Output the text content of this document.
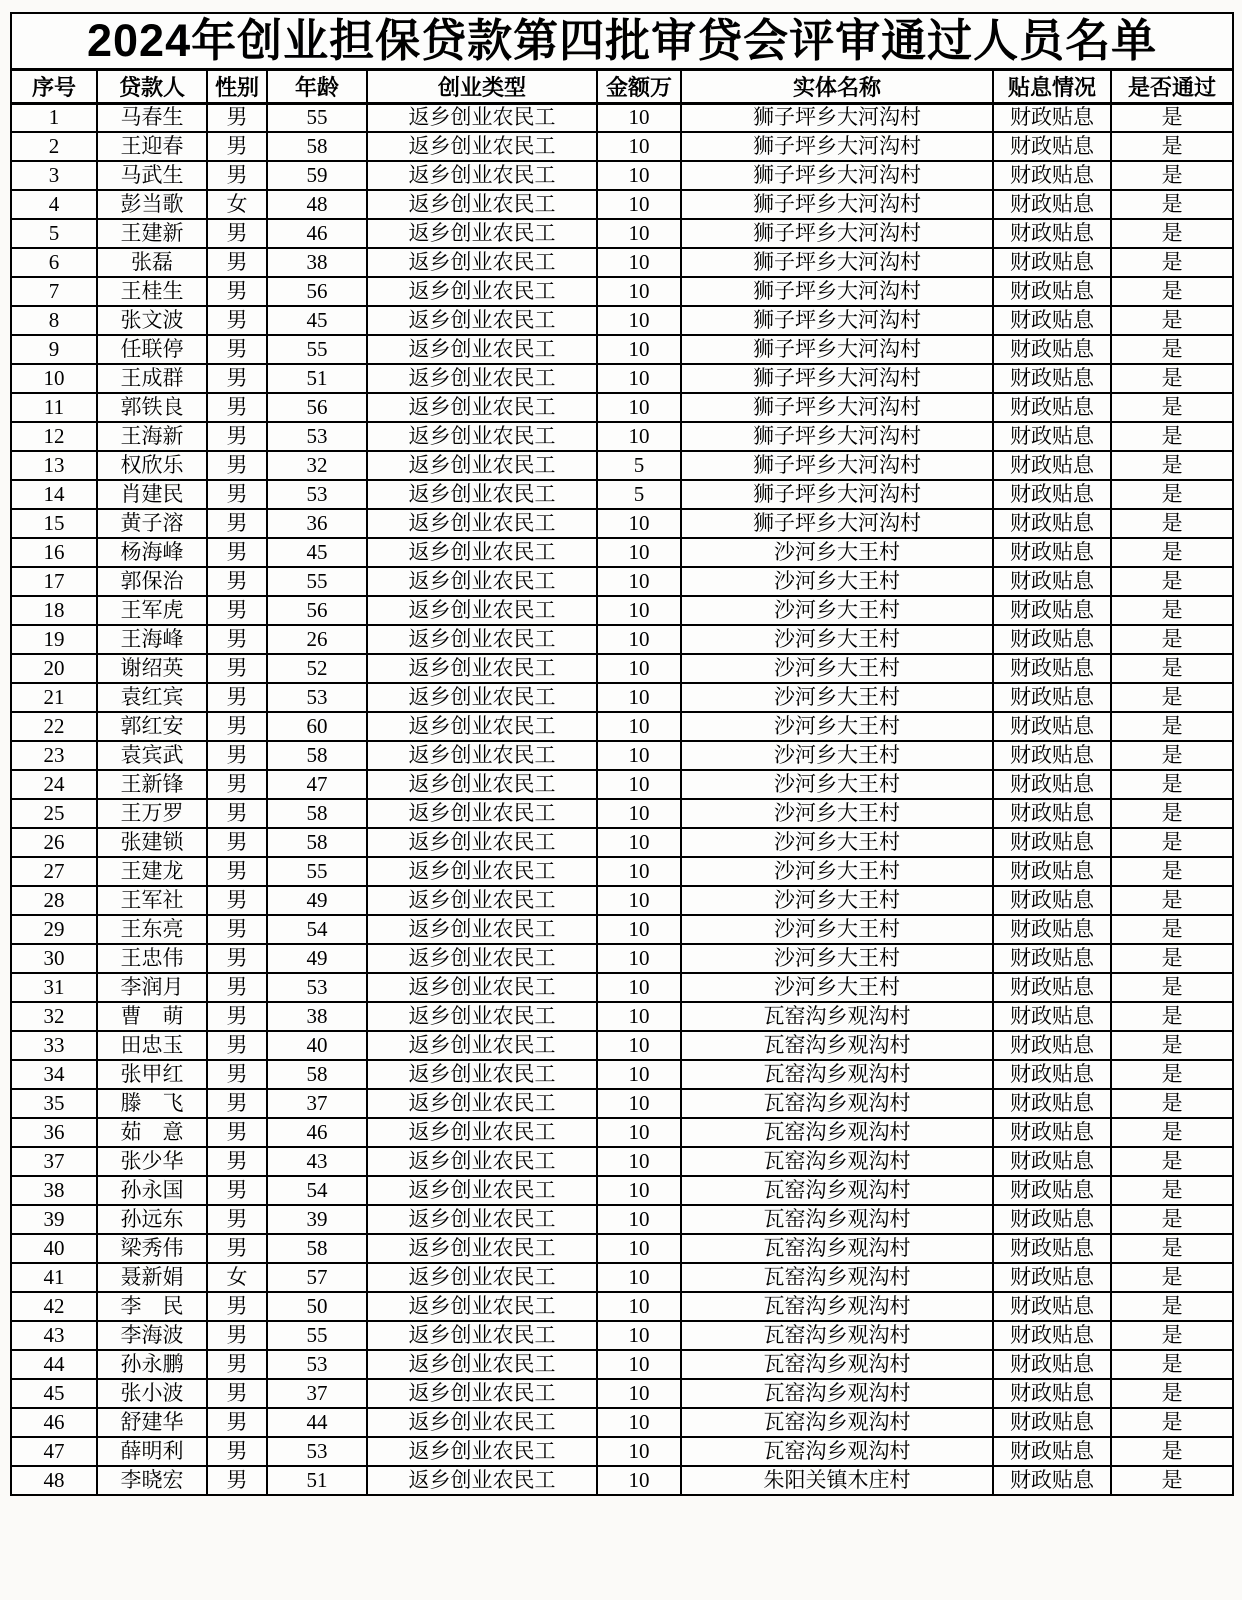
2024年创业担保贷款第四批审贷会评审通过人员名单								
序号	贷款人	性别	年龄	创业类型	金额万	实体名称	贴息情况	是否通过
1	马春生	男	55	返乡创业农民工	10	狮子坪乡大河沟村	财政贴息	是
2	王迎春	男	58	返乡创业农民工	10	狮子坪乡大河沟村	财政贴息	是
3	马武生	男	59	返乡创业农民工	10	狮子坪乡大河沟村	财政贴息	是
4	彭当歌	女	48	返乡创业农民工	10	狮子坪乡大河沟村	财政贴息	是
5	王建新	男	46	返乡创业农民工	10	狮子坪乡大河沟村	财政贴息	是
6	张磊	男	38	返乡创业农民工	10	狮子坪乡大河沟村	财政贴息	是
7	王桂生	男	56	返乡创业农民工	10	狮子坪乡大河沟村	财政贴息	是
8	张文波	男	45	返乡创业农民工	10	狮子坪乡大河沟村	财政贴息	是
9	任联停	男	55	返乡创业农民工	10	狮子坪乡大河沟村	财政贴息	是
10	王成群	男	51	返乡创业农民工	10	狮子坪乡大河沟村	财政贴息	是
11	郭铁良	男	56	返乡创业农民工	10	狮子坪乡大河沟村	财政贴息	是
12	王海新	男	53	返乡创业农民工	10	狮子坪乡大河沟村	财政贴息	是
13	权欣乐	男	32	返乡创业农民工	5	狮子坪乡大河沟村	财政贴息	是
14	肖建民	男	53	返乡创业农民工	5	狮子坪乡大河沟村	财政贴息	是
15	黄子溶	男	36	返乡创业农民工	10	狮子坪乡大河沟村	财政贴息	是
16	杨海峰	男	45	返乡创业农民工	10	沙河乡大王村	财政贴息	是
17	郭保治	男	55	返乡创业农民工	10	沙河乡大王村	财政贴息	是
18	王军虎	男	56	返乡创业农民工	10	沙河乡大王村	财政贴息	是
19	王海峰	男	26	返乡创业农民工	10	沙河乡大王村	财政贴息	是
20	谢绍英	男	52	返乡创业农民工	10	沙河乡大王村	财政贴息	是
21	袁红宾	男	53	返乡创业农民工	10	沙河乡大王村	财政贴息	是
22	郭红安	男	60	返乡创业农民工	10	沙河乡大王村	财政贴息	是
23	袁宾武	男	58	返乡创业农民工	10	沙河乡大王村	财政贴息	是
24	王新锋	男	47	返乡创业农民工	10	沙河乡大王村	财政贴息	是
25	王万罗	男	58	返乡创业农民工	10	沙河乡大王村	财政贴息	是
26	张建锁	男	58	返乡创业农民工	10	沙河乡大王村	财政贴息	是
27	王建龙	男	55	返乡创业农民工	10	沙河乡大王村	财政贴息	是
28	王军社	男	49	返乡创业农民工	10	沙河乡大王村	财政贴息	是
29	王东亮	男	54	返乡创业农民工	10	沙河乡大王村	财政贴息	是
30	王忠伟	男	49	返乡创业农民工	10	沙河乡大王村	财政贴息	是
31	李润月	男	53	返乡创业农民工	10	沙河乡大王村	财政贴息	是
32	曹　萌	男	38	返乡创业农民工	10	瓦窑沟乡观沟村	财政贴息	是
33	田忠玉	男	40	返乡创业农民工	10	瓦窑沟乡观沟村	财政贴息	是
34	张甲红	男	58	返乡创业农民工	10	瓦窑沟乡观沟村	财政贴息	是
35	滕　飞	男	37	返乡创业农民工	10	瓦窑沟乡观沟村	财政贴息	是
36	茹　意	男	46	返乡创业农民工	10	瓦窑沟乡观沟村	财政贴息	是
37	张少华	男	43	返乡创业农民工	10	瓦窑沟乡观沟村	财政贴息	是
38	孙永国	男	54	返乡创业农民工	10	瓦窑沟乡观沟村	财政贴息	是
39	孙远东	男	39	返乡创业农民工	10	瓦窑沟乡观沟村	财政贴息	是
40	梁秀伟	男	58	返乡创业农民工	10	瓦窑沟乡观沟村	财政贴息	是
41	聂新娟	女	57	返乡创业农民工	10	瓦窑沟乡观沟村	财政贴息	是
42	李　民	男	50	返乡创业农民工	10	瓦窑沟乡观沟村	财政贴息	是
43	李海波	男	55	返乡创业农民工	10	瓦窑沟乡观沟村	财政贴息	是
44	孙永鹏	男	53	返乡创业农民工	10	瓦窑沟乡观沟村	财政贴息	是
45	张小波	男	37	返乡创业农民工	10	瓦窑沟乡观沟村	财政贴息	是
46	舒建华	男	44	返乡创业农民工	10	瓦窑沟乡观沟村	财政贴息	是
47	薛明利	男	53	返乡创业农民工	10	瓦窑沟乡观沟村	财政贴息	是
48	李晓宏	男	51	返乡创业农民工	10	朱阳关镇木庄村	财政贴息	是
